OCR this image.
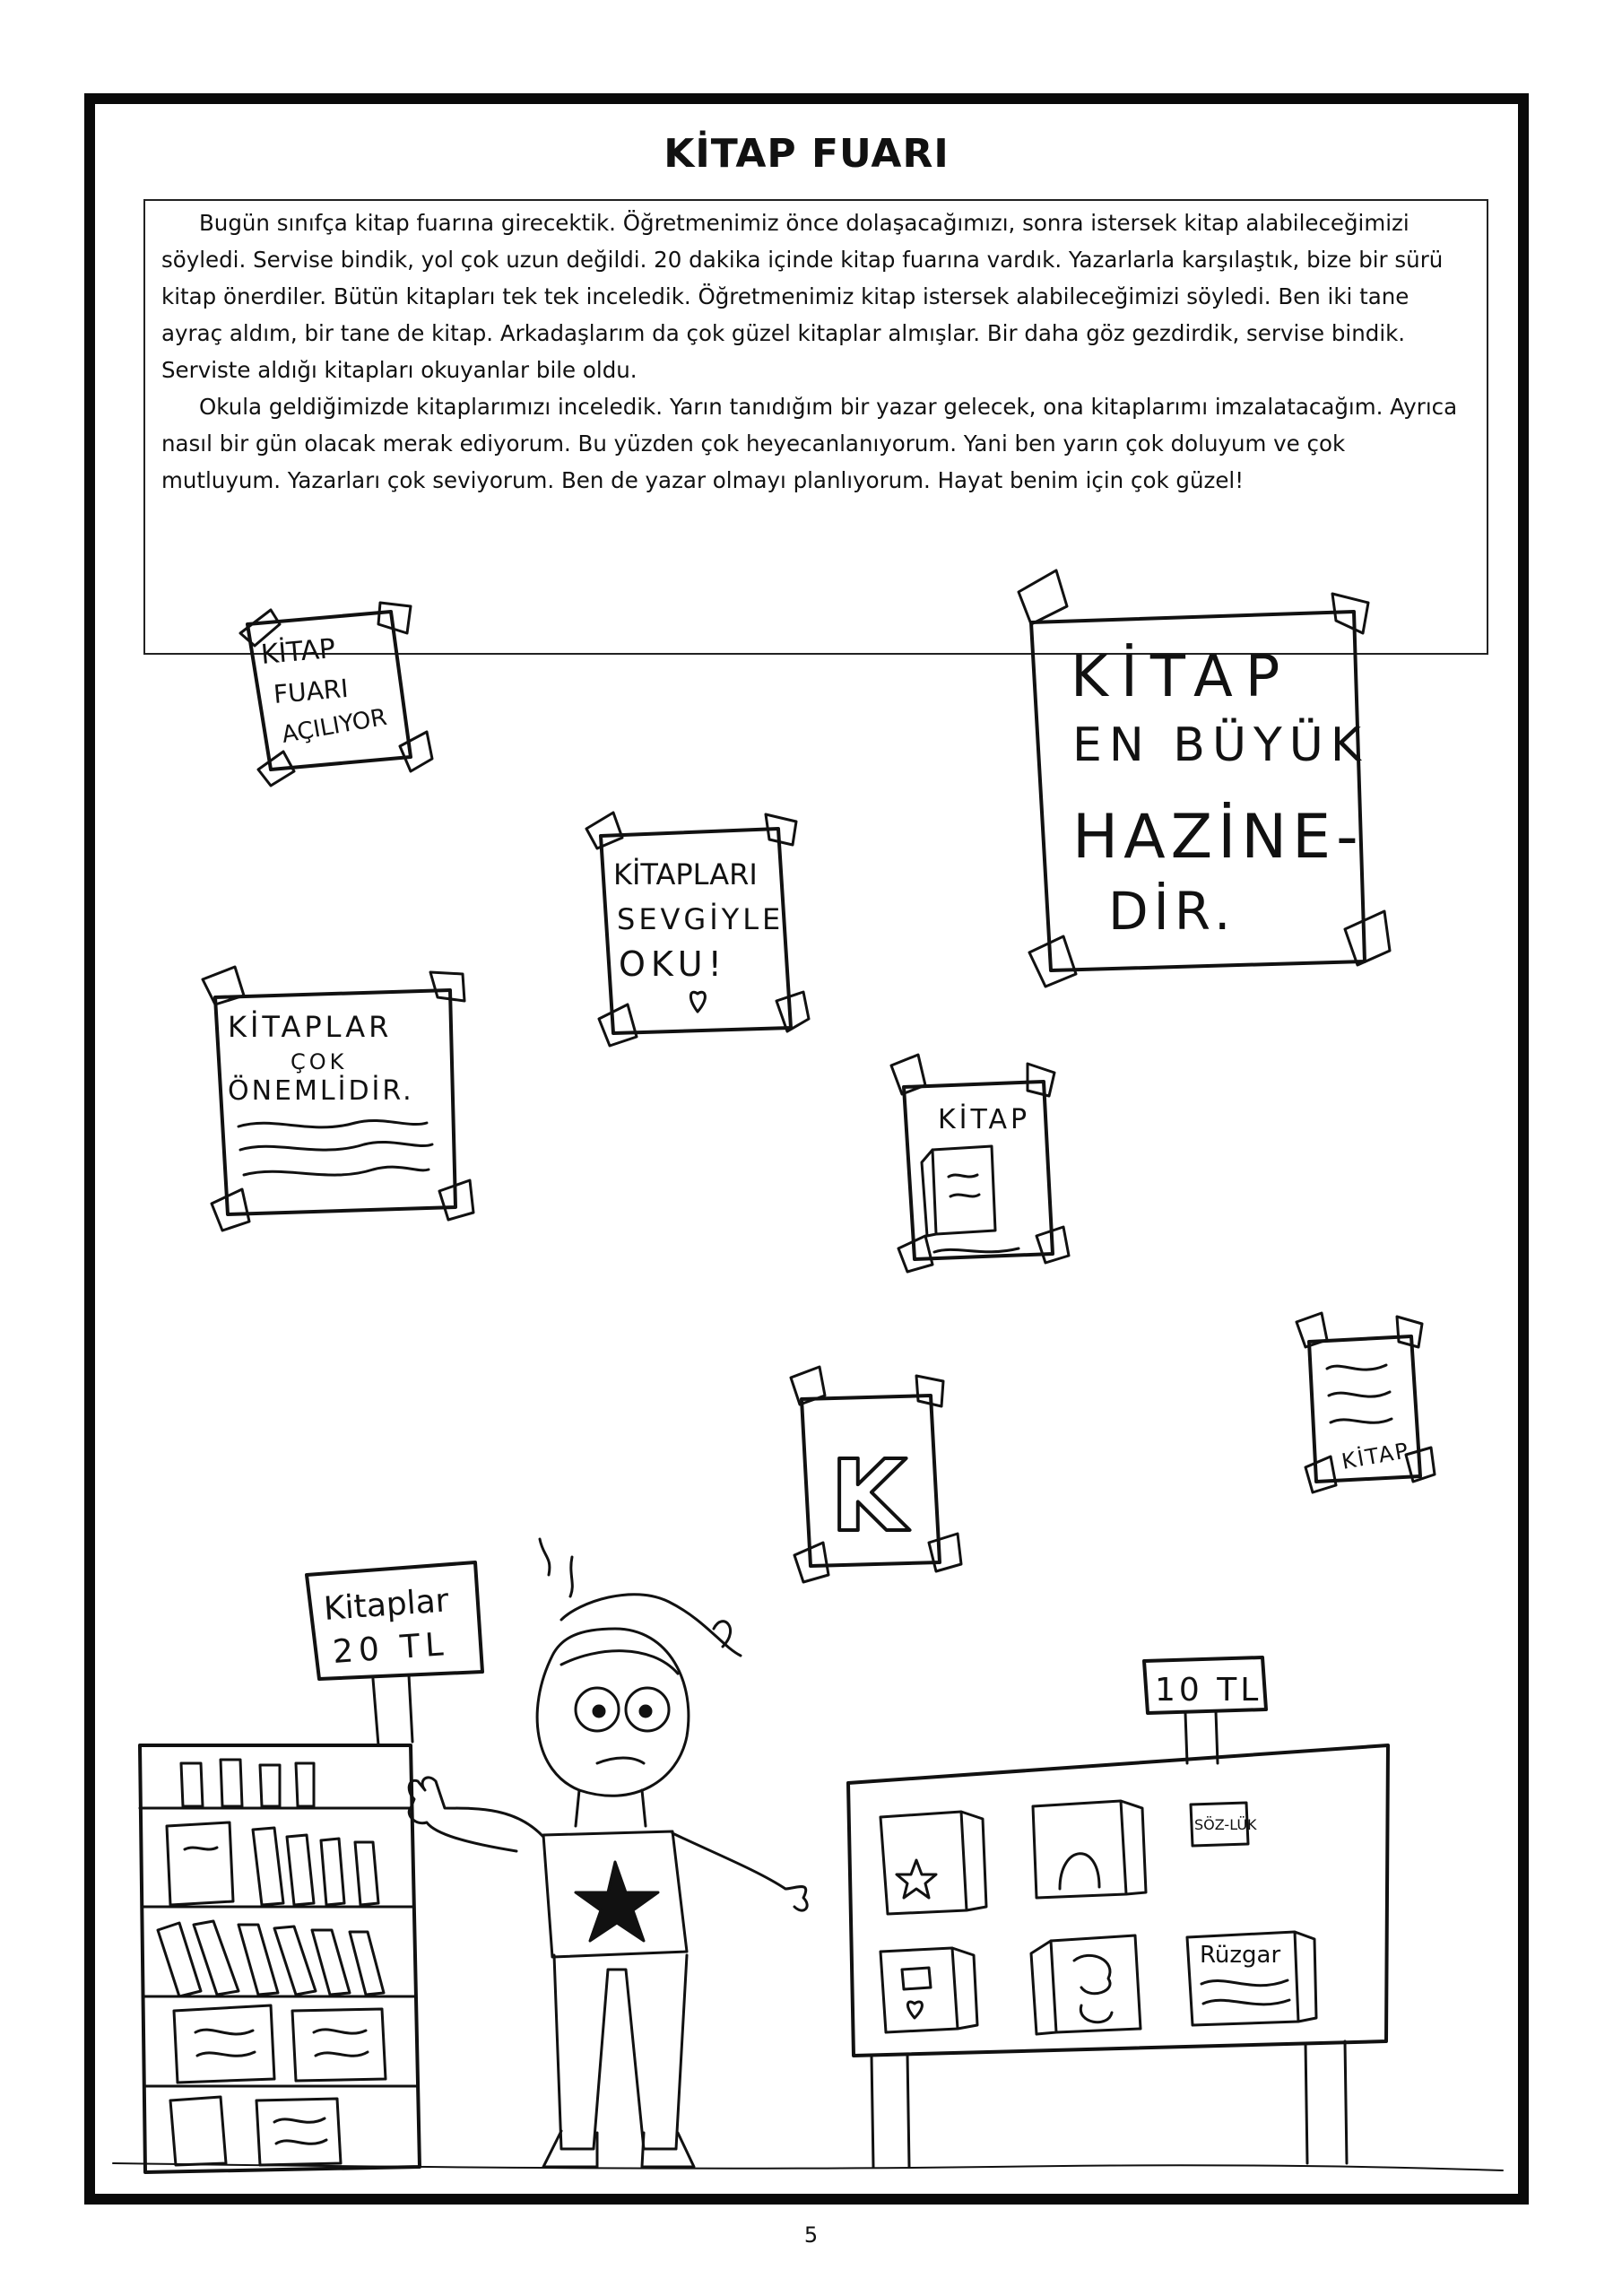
KİTAP FUARI

Bugün sınıfça kitap fuarına girecektik. Öğretmenimiz önce dolaşacağımızı, sonra istersek kitap alabileceğimizi söyledi. Servise bindik, yol çok uzun değildi. 20 dakika içinde kitap fuarına vardık. Yazarlarla karşılaştık, bize bir sürü kitap önerdiler. Bütün kitapları tek tek inceledik. Öğretmenimiz kitap istersek alabileceğimizi söyledi. Ben iki tane ayraç aldım, bir tane de kitap. Arkadaşlarım da çok güzel kitaplar almışlar. Bir daha göz gezdirdik, servise bindik. Serviste aldığı kitapları okuyanlar bile oldu.

Okula geldiğimizde kitaplarımızı inceledik. Yarın tanıdığım bir yazar gelecek, ona kitaplarımı imzalatacağım. Ayrıca nasıl bir gün olacak merak ediyorum. Bu yüzden çok heyecanlanıyorum. Yani ben yarın çok doluyum ve çok mutluyum. Yazarları çok seviyorum. Ben de yazar olmayı planlıyorum. Hayat benim için çok güzel!

KİTAP
FUARI
AÇILIYOR
KİTAP
EN BÜYÜK
HAZİNE-
DİR.
KİTAPLARI
SEVGİYLE
OKU!
KİTAPLAR
ÇOK
ÖNEMLİDİR.
KİTAP
K	KİTAP
Kitaplar
20 TL
10 TL
SÖZ-LÜK
Rüzgar
5
